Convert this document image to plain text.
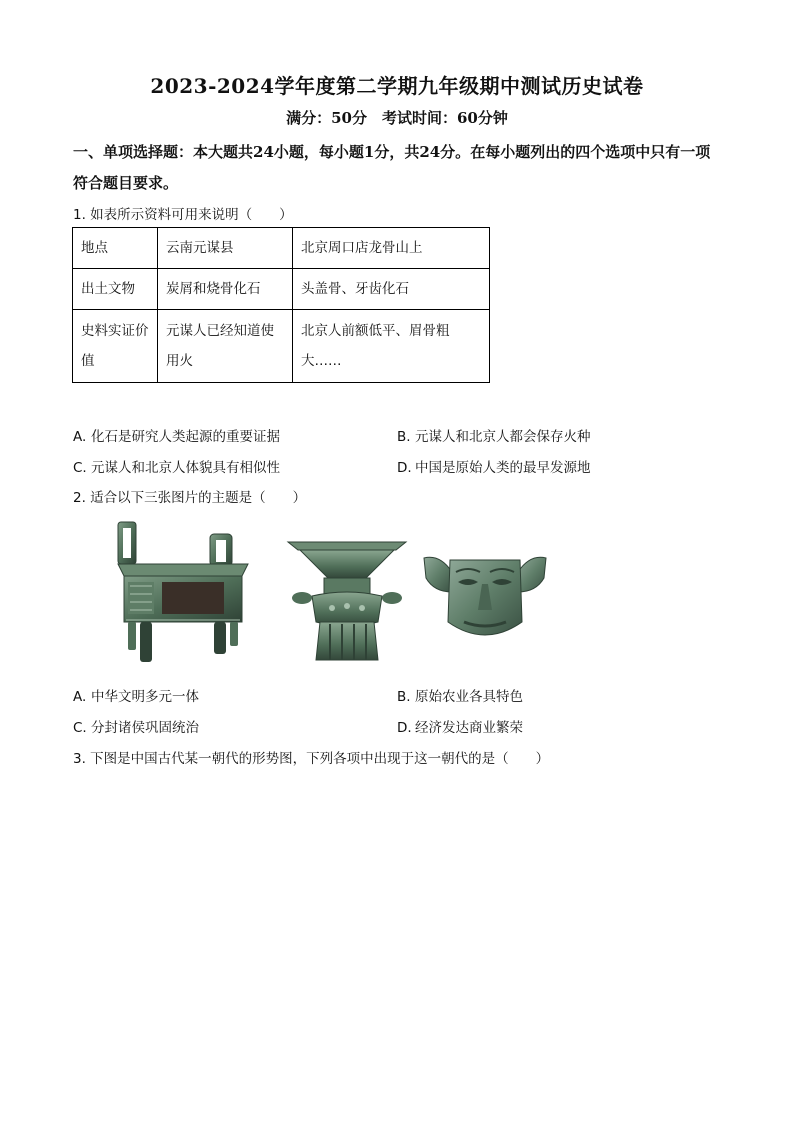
2023-2024学年度第二学期九年级期中测试历史试卷
满分：50分　考试时间：60分钟
一、单项选择题：本大题共24小题，每小题1分，共24分。在每小题列出的四个选项中只有一项符合题目要求。
1. 如表所示资料可用来说明（　　）
地点	云南元谋县	北京周口店龙骨山上
出土文物	炭屑和烧骨化石	头盖骨、牙齿化石
史料实证价值	元谋人已经知道使用火	北京人前额低平、眉骨粗大……
A. 化石是研究人类起源的重要证据	B. 元谋人和北京人都会保存火种
C. 元谋人和北京人体貌具有相似性	D. 中国是原始人类的最早发源地
2. 适合以下三张图片的主题是（　　）
A. 中华文明多元一体	B. 原始农业各具特色
C. 分封诸侯巩固统治	D. 经济发达商业繁荣
3. 下图是中国古代某一朝代的形势图，下列各项中出现于这一朝代的是（　　）
